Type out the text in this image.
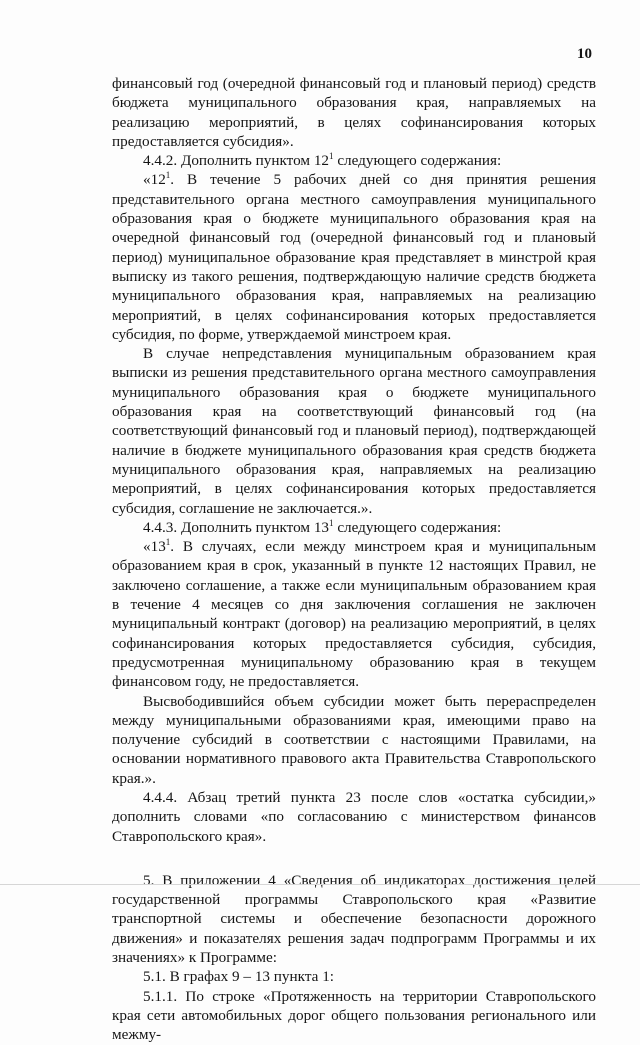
10

финансовый год (очередной финансовый год и плановый период) средств бюджета муниципального образования края, направляемых на реализацию мероприятий, в целях софинансирования которых предоставляется субсидия».

4.4.2. Дополнить пунктом $12^1$ следующего содержания:

«$12^1$. В течение 5 рабочих дней со дня принятия решения представительного органа местного самоуправления муниципального образования края о бюджете муниципального образования края на очередной финансовый год (очередной финансовый год и плановый период) муниципальное образование края представляет в минстрой края выписку из такого решения, подтверждающую наличие средств бюджета муниципального образования края, направляемых на реализацию мероприятий, в целях софинансирования которых предоставляется субсидия, по форме, утверждаемой минстроем края.

В случае непредставления муниципальным образованием края выписки из решения представительного органа местного самоуправления муниципального образования края о бюджете муниципального образования края на соответствующий финансовый год (на соответствующий финансовый год и плановый период), подтверждающей наличие в бюджете муниципального образования края средств бюджета муниципального образования края, направляемых на реализацию мероприятий, в целях софинансирования которых предоставляется субсидия, соглашение не заключается.».

4.4.3. Дополнить пунктом $13^1$ следующего содержания:

«$13^1$. В случаях, если между минстроем края и муниципальным образованием края в срок, указанный в пункте 12 настоящих Правил, не заключено соглашение, а также если муниципальным образованием края в течение 4 месяцев со дня заключения соглашения не заключен муниципальный контракт (договор) на реализацию мероприятий, в целях софинансирования которых предоставляется субсидия, субсидия, предусмотренная муниципальному образованию края в текущем финансовом году, не предоставляется.

Высвободившийся объем субсидии может быть перераспределен между муниципальными образованиями края, имеющими право на получение субсидий в соответствии с настоящими Правилами, на основании нормативного правового акта Правительства Ставропольского края.».

4.4.4. Абзац третий пункта 23 после слов «остатка субсидии,» дополнить словами «по согласованию с министерством финансов Ставропольского края».

5. В приложении 4 «Сведения об индикаторах достижения целей государственной программы Ставропольского края «Развитие транспортной системы и обеспечение безопасности дорожного движения» и показателях решения задач подпрограмм Программы и их значениях» к Программе:

5.1. В графах 9 – 13 пункта 1:

5.1.1. По строке «Протяженность на территории Ставропольского края сети автомобильных дорог общего пользования регионального или межму-
